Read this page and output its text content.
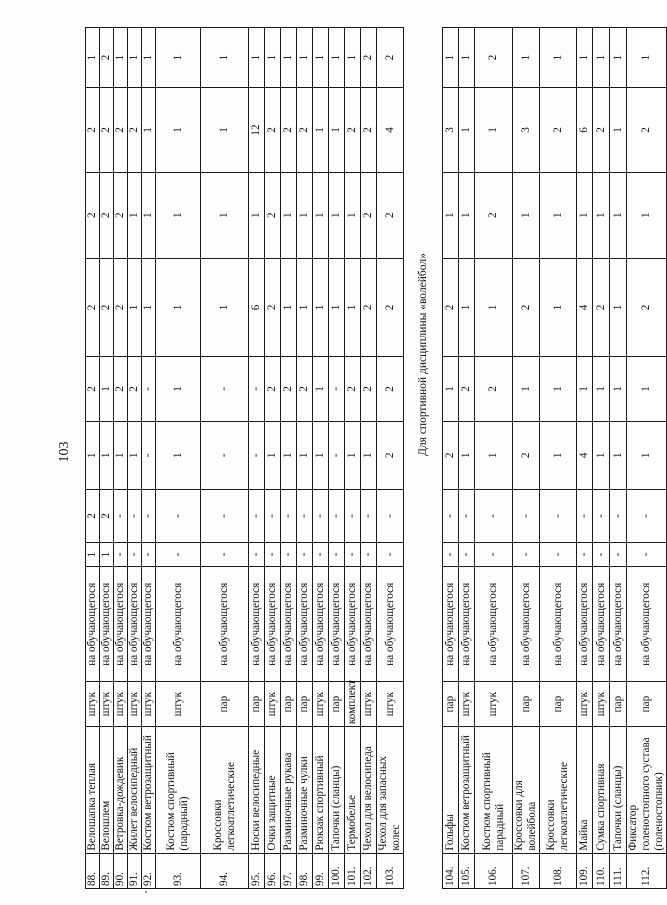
103
88.	Велошапка теплая	штук	на обучающегося	1	2	1	2	2	2	2	1
89.	Велошлем	штук	на обучающегося	1	2	1	1	2	2	2	2
90.	Ветровка-дождевик	штук	на обучающегося	-	-	1	2	2	2	2	1
91.	Жилет велосипедный	штук	на обучающегося	-	-	1	2	1	1	2	1
92.	Костюм ветрозащитный	штук	на обучающегося	-	-	-	-	1	1	1	1
93.	Костюм спортивный (парадный)	штук	на обучающегося	-	-	1	1	1	1	1	1
94.	Кроссовки легкоатлетические	пар	на обучающегося	-	-	-	-	1	1	1	1
95.	Носки велосипедные	пар	на обучающегося	-	-	-	-	6	1	12	1
96.	Очки защитные	штук	на обучающегося	-	-	1	2	2	2	2	1
97.	Разминочные рукава	пар	на обучающегося	-	-	1	2	1	1	2	1
98.	Разминочные чулки	пар	на обучающегося	-	-	1	2	1	1	2	1
99.	Рюкзак спортивный	штук	на обучающегося	-	-	1	1	1	1	1	1
100.	Тапочки (сланцы)	пар	на обучающегося	-	-	-	-	1	1	1	1
101.	Термобелье	комплект	на обучающегося	-	-	1	2	1	1	2	1
102.	Чехол для велосипеда	штук	на обучающегося	-	-	1	2	2	2	2	2
103.	Чехол для запасных колес	штук	на обучающегося	-	-	2	2	2	2	4	2
			Для спортивной дисциплины «волейбол»								
104.	Гольфы	пар	на обучающегося	-	-	2	1	2	1	3	1
105.	Костюм ветрозащитный	штук	на обучающегося	-	-	1	2	1	1	1	1
106.	Костюм спортивный парадный	штук	на обучающегося	-	-	1	2	1	2	1	2
107.	Кроссовки для волейбола	пар	на обучающегося	-	-	2	1	2	1	3	1
108.	Кроссовки легкоатлетические	пар	на обучающегося	-	-	1	1	1	1	2	1
109.	Майка	штук	на обучающегося	-	-	4	1	4	1	6	1
110.	Сумка спортивная	штук	на обучающегося	-	-	1	1	2	1	2	1
111.	Тапочки (сланцы)	пар	на обучающегося	-	-	1	1	1	1	1	1
112.	Фиксатор голеностопного сустава (голеностопник)	пар	на обучающегося	-	-	1	1	2	1	2	1
